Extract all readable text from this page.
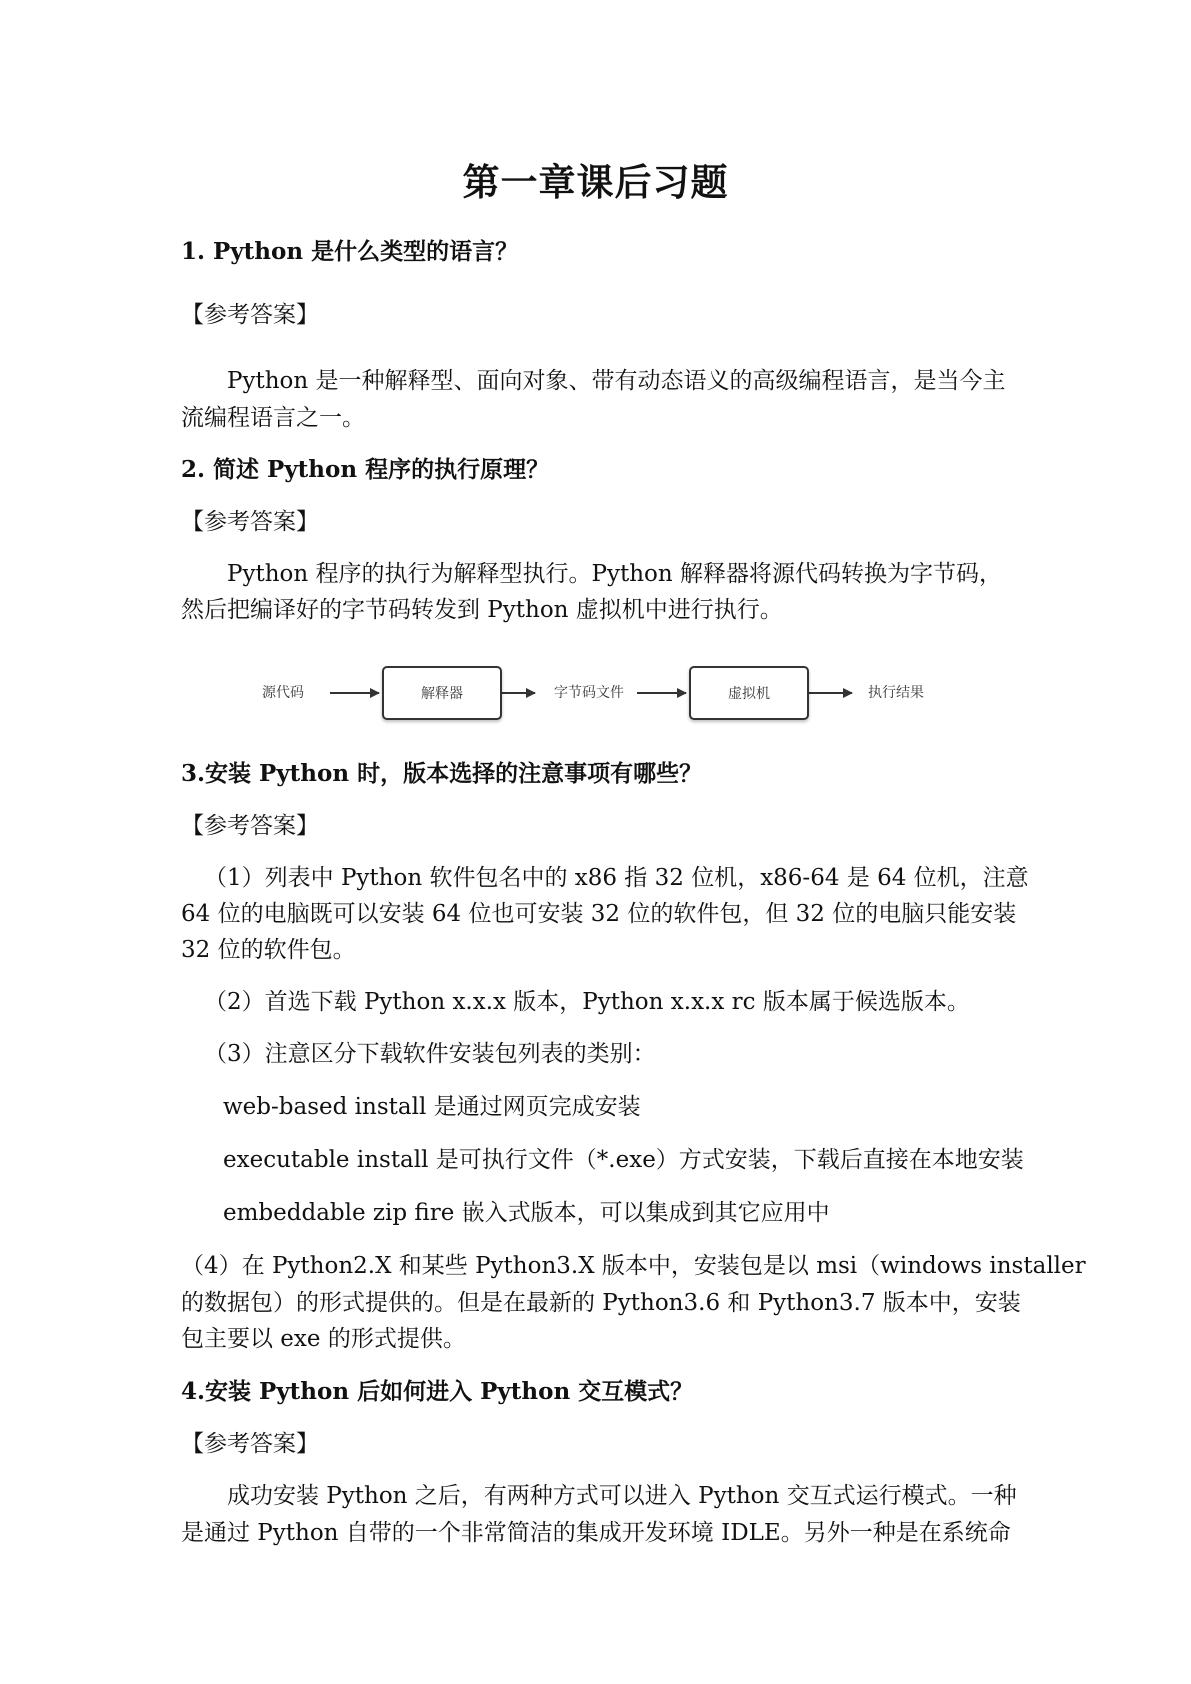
第一章课后习题
1. Python 是什么类型的语言？
【参考答案】
Python 是一种解释型、面向对象、带有动态语义的高级编程语言，是当今主
流编程语言之一。
2. 简述 Python 程序的执行原理？
【参考答案】
Python 程序的执行为解释型执行。Python 解释器将源代码转换为字节码，
然后把编译好的字节码转发到 Python 虚拟机中进行执行。
源代码	解释器	字节码文件	虚拟机	执行结果
3.安装 Python 时，版本选择的注意事项有哪些？
【参考答案】
（1）列表中 Python 软件包名中的 x86 指 32 位机，x86-64 是 64 位机，注意
64 位的电脑既可以安装 64 位也可安装 32 位的软件包，但 32 位的电脑只能安装
32 位的软件包。
（2）首选下载 Python x.x.x 版本，Python x.x.x rc 版本属于候选版本。
（3）注意区分下载软件安装包列表的类别：
web-based install 是通过网页完成安装
executable install 是可执行文件（*.exe）方式安装，下载后直接在本地安装
embeddable zip fire 嵌入式版本，可以集成到其它应用中
（4）在 Python2.X 和某些 Python3.X 版本中，安装包是以 msi（windows installer
的数据包）的形式提供的。但是在最新的 Python3.6 和 Python3.7 版本中，安装
包主要以 exe 的形式提供。
4.安装 Python 后如何进入 Python 交互模式？
【参考答案】
成功安装 Python 之后，有两种方式可以进入 Python 交互式运行模式。一种
是通过 Python 自带的一个非常简洁的集成开发环境 IDLE。另外一种是在系统命
